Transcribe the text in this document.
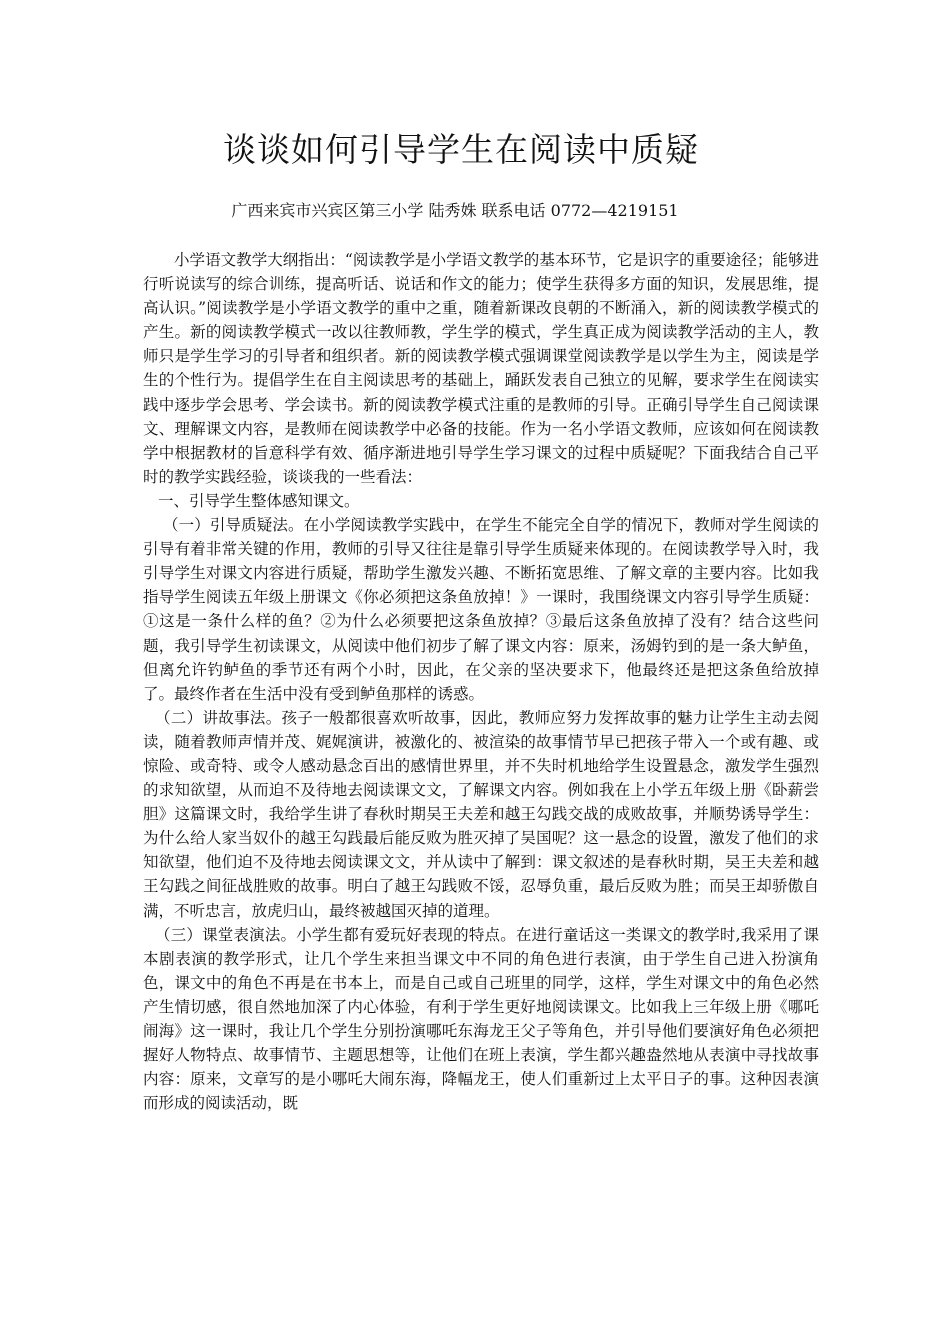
谈谈如何引导学生在阅读中质疑
广西来宾市兴宾区第三小学 陆秀姝 联系电话 0772—4219151

小学语文教学大纲指出：“阅读教学是小学语文教学的基本环节，它是识字的重要途径；能够进行听说读写的综合训练，提高听话、说话和作文的能力；使学生获得多方面的知识，发展思维，提高认识。”阅读教学是小学语文教学的重中之重，随着新课改良朝的不断涌入，新的阅读教学模式的产生。新的阅读教学模式一改以往教师教，学生学的模式，学生真正成为阅读教学活动的主人，教师只是学生学习的引导者和组织者。新的阅读教学模式强调课堂阅读教学是以学生为主，阅读是学生的个性行为。提倡学生在自主阅读思考的基础上，踊跃发表自己独立的见解，要求学生在阅读实践中逐步学会思考、学会读书。新的阅读教学模式注重的是教师的引导。正确引导学生自己阅读课文、理解课文内容，是教师在阅读教学中必备的技能。作为一名小学语文教师，应该如何在阅读教学中根据教材的旨意科学有效、循序渐进地引导学生学习课文的过程中质疑呢？下面我结合自己平时的教学实践经验，谈谈我的一些看法：

一、引导学生整体感知课文。

（一）引导质疑法。在小学阅读教学实践中，在学生不能完全自学的情况下，教师对学生阅读的引导有着非常关键的作用，教师的引导又往往是靠引导学生质疑来体现的。在阅读教学导入时，我引导学生对课文内容进行质疑，帮助学生激发兴趣、不断拓宽思维、了解文章的主要内容。比如我指导学生阅读五年级上册课文《你必须把这条鱼放掉！》一课时，我围绕课文内容引导学生质疑：①这是一条什么样的鱼？②为什么必须要把这条鱼放掉？③最后这条鱼放掉了没有？结合这些问题，我引导学生初读课文，从阅读中他们初步了解了课文内容：原来，汤姆钓到的是一条大鲈鱼，但离允许钓鲈鱼的季节还有两个小时，因此，在父亲的坚决要求下，他最终还是把这条鱼给放掉了。最终作者在生活中没有受到鲈鱼那样的诱惑。

（二）讲故事法。孩子一般都很喜欢听故事，因此，教师应努力发挥故事的魅力让学生主动去阅读，随着教师声情并茂、娓娓演讲，被激化的、被渲染的故事情节早已把孩子带入一个或有趣、或惊险、或奇特、或令人感动悬念百出的感情世界里，并不失时机地给学生设置悬念，激发学生强烈的求知欲望，从而迫不及待地去阅读课文文，了解课文内容。例如我在上小学五年级上册《卧薪尝胆》这篇课文时，我给学生讲了春秋时期吴王夫差和越王勾践交战的成败故事，并顺势诱导学生：为什么给人家当奴仆的越王勾践最后能反败为胜灭掉了吴国呢？这一悬念的设置，激发了他们的求知欲望，他们迫不及待地去阅读课文文，并从读中了解到：课文叙述的是春秋时期，吴王夫差和越王勾践之间征战胜败的故事。明白了越王勾践败不馁，忍辱负重，最后反败为胜；而吴王却骄傲自满，不听忠言，放虎归山，最终被越国灭掉的道理。

（三）课堂表演法。小学生都有爱玩好表现的特点。在进行童话这一类课文的教学时,我采用了课本剧表演的教学形式，让几个学生来担当课文中不同的角色进行表演，由于学生自己进入扮演角色，课文中的角色不再是在书本上，而是自己或自己班里的同学，这样，学生对课文中的角色必然产生情切感，很自然地加深了内心体验，有利于学生更好地阅读课文。比如我上三年级上册《哪吒闹海》这一课时，我让几个学生分别扮演哪吒东海龙王父子等角色，并引导他们要演好角色必须把握好人物特点、故事情节、主题思想等，让他们在班上表演，学生都兴趣盎然地从表演中寻找故事内容：原来，文章写的是小哪吒大闹东海，降幅龙王，使人们重新过上太平日子的事。这种因表演而形成的阅读活动，既
